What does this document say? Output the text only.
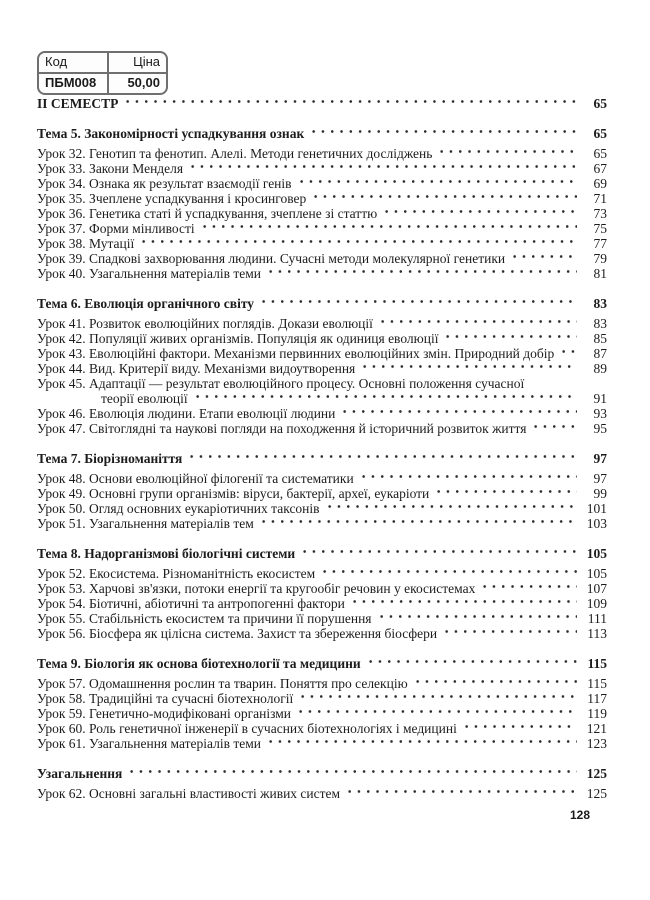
Код	Ціна
ПБМ008	50,00
ІІ СЕМЕСТР	65
Тема 5. Закономірності успадкування ознак	65
Урок 32. Генотип та фенотип. Алелі. Методи генетичних досліджень	65
Урок 33. Закони Менделя	67
Урок 34. Ознака як результат взаємодії генів	69
Урок 35. Зчеплене успадкування і кросинговер	71
Урок 36. Генетика статі й успадкування, зчеплене зі статтю	73
Урок 37. Форми мінливості	75
Урок 38. Мутації	77
Урок 39. Спадкові захворювання людини. Сучасні методи молекулярної генетики	79
Урок 40. Узагальнення матеріалів теми	81
Тема 6. Еволюція органічного світу	83
Урок 41. Розвиток еволюційних поглядів. Докази еволюції	83
Урок 42. Популяції живих організмів. Популяція як одиниця еволюції	85
Урок 43. Еволюційні фактори. Механізми первинних еволюційних змін. Природний добір	87
Урок 44. Вид. Критерії виду. Механізми видоутворення	89
Урок 45. Адаптації — результат еволюційного процесу. Основні положення сучасної
теорії еволюції	91
Урок 46. Еволюція людини. Етапи еволюції людини	93
Урок 47. Світоглядні та наукові погляди на походження й історичний розвиток життя	95
Тема 7. Біорізноманіття	97
Урок 48. Основи еволюційної філогенії та систематики	97
Урок 49. Основні групи організмів: віруси, бактерії, археї, еукаріоти	99
Урок 50. Огляд основних еукаріотичних таксонів	101
Урок 51. Узагальнення матеріалів тем	103
Тема 8. Надорганізмові біологічні системи	105
Урок 52. Екосистема. Різноманітність екосистем	105
Урок 53. Харчові зв'язки, потоки енергії та кругообіг речовин у екосистемах	107
Урок 54. Біотичні, абіотичні та антропогенні фактори	109
Урок 55. Стабільність екосистем та причини її порушення	111
Урок 56. Біосфера як цілісна система. Захист та збереження біосфери	113
Тема 9. Біологія як основа біотехнології та медицини	115
Урок 57. Одомашнення рослин та тварин. Поняття про селекцію	115
Урок 58. Традиційні та сучасні біотехнології	117
Урок 59. Генетично-модифіковані організми	119
Урок 60. Роль генетичної інженерії в сучасних біотехнологіях і медицині	121
Урок 61. Узагальнення матеріалів теми	123
Узагальнення	125
Урок 62. Основні загальні властивості живих систем	125
128
